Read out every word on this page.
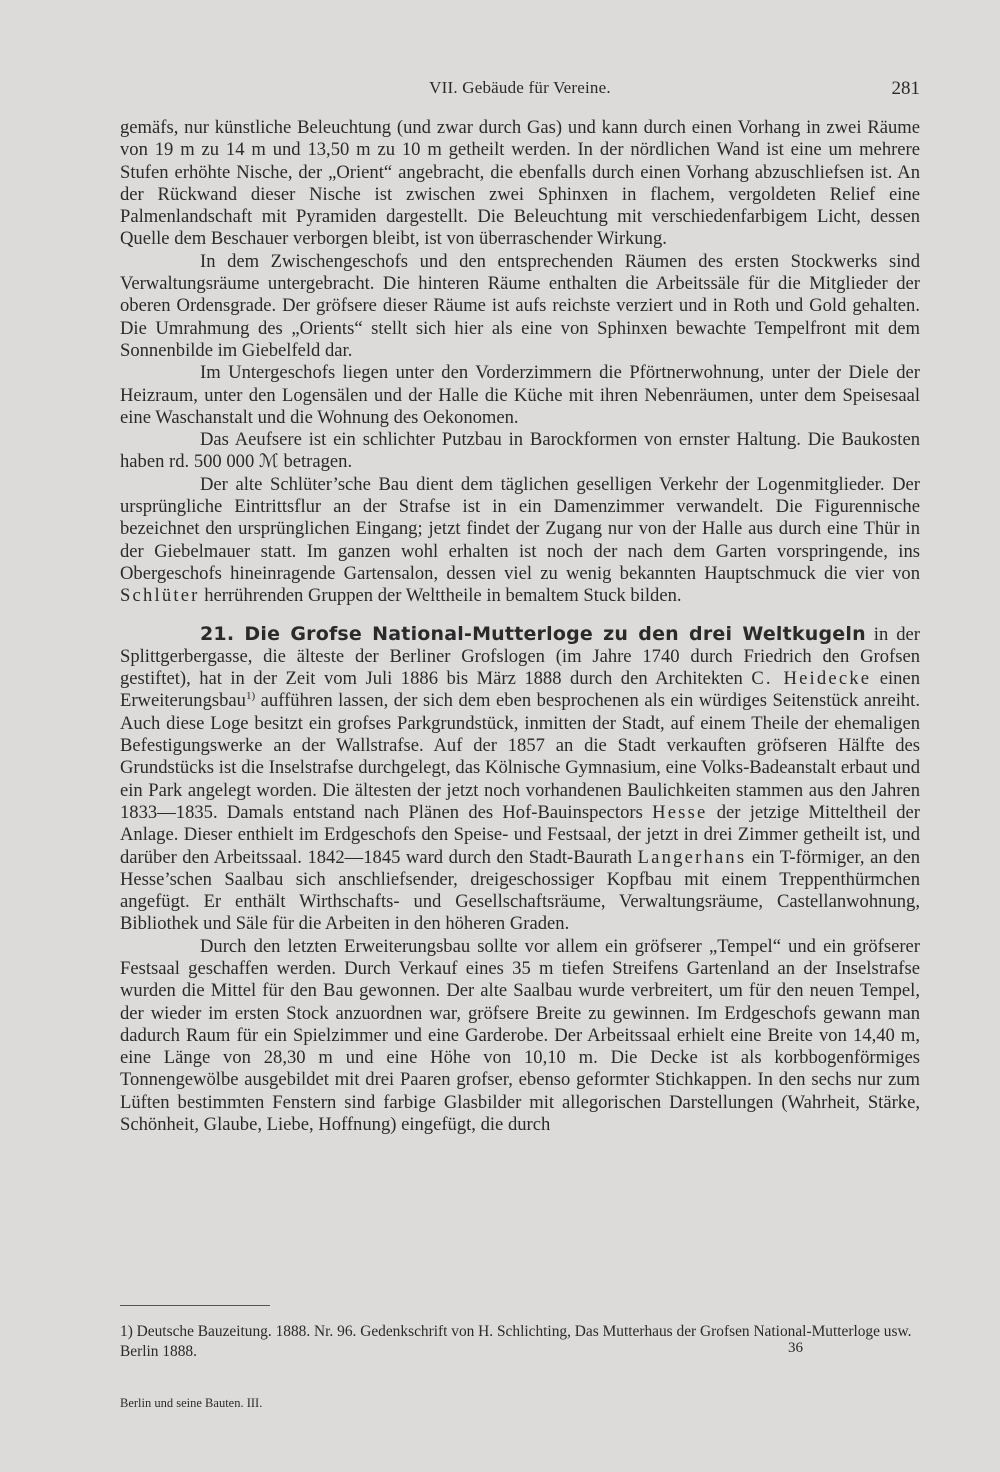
VII. Gebäude für Vereine.	281

gemäfs, nur künstliche Beleuchtung (und zwar durch Gas) und kann durch einen Vorhang in zwei Räume von 19 m zu 14 m und 13,50 m zu 10 m getheilt werden. In der nördlichen Wand ist eine um mehrere Stufen erhöhte Nische, der „Orient“ angebracht, die ebenfalls durch einen Vorhang abzuschliefsen ist. An der Rückwand dieser Nische ist zwischen zwei Sphinxen in flachem, vergoldeten Relief eine Palmenlandschaft mit Pyramiden dargestellt. Die Beleuchtung mit verschiedenfarbigem Licht, dessen Quelle dem Beschauer verborgen bleibt, ist von überraschender Wirkung.

In dem Zwischengeschofs und den entsprechenden Räumen des ersten Stockwerks sind Verwaltungsräume untergebracht. Die hinteren Räume enthalten die Arbeitssäle für die Mitglieder der oberen Ordensgrade. Der gröfsere dieser Räume ist aufs reichste verziert und in Roth und Gold gehalten. Die Umrahmung des „Orients“ stellt sich hier als eine von Sphinxen bewachte Tempelfront mit dem Sonnenbilde im Giebelfeld dar.

Im Untergeschofs liegen unter den Vorderzimmern die Pförtnerwohnung, unter der Diele der Heizraum, unter den Logensälen und der Halle die Küche mit ihren Nebenräumen, unter dem Speisesaal eine Waschanstalt und die Wohnung des Oekonomen.

Das Aeufsere ist ein schlichter Putzbau in Barockformen von ernster Haltung. Die Baukosten haben rd. 500 000 ℳ betragen.

Der alte Schlüter’sche Bau dient dem täglichen geselligen Verkehr der Logenmitglieder. Der ursprüngliche Eintrittsflur an der Strafse ist in ein Damenzimmer verwandelt. Die Figurennische bezeichnet den ursprünglichen Eingang; jetzt findet der Zugang nur von der Halle aus durch eine Thür in der Giebelmauer statt. Im ganzen wohl erhalten ist noch der nach dem Garten vorspringende, ins Obergeschofs hineinragende Gartensalon, dessen viel zu wenig bekannten Hauptschmuck die vier von Schlüter herrührenden Gruppen der Welttheile in bemaltem Stuck bilden.

21. Die Grofse National-Mutterloge zu den drei Weltkugeln in der Splittgerbergasse, die älteste der Berliner Grofslogen (im Jahre 1740 durch Friedrich den Grofsen gestiftet), hat in der Zeit vom Juli 1886 bis März 1888 durch den Architekten C. Heidecke einen Erweiterungsbau$^{1)}$ aufführen lassen, der sich dem eben besprochenen als ein würdiges Seitenstück anreiht. Auch diese Loge besitzt ein grofses Parkgrundstück, inmitten der Stadt, auf einem Theile der ehemaligen Befestigungswerke an der Wallstrafse. Auf der 1857 an die Stadt verkauften gröfseren Hälfte des Grundstücks ist die Inselstrafse durchgelegt, das Kölnische Gymnasium, eine Volks-Badeanstalt erbaut und ein Park angelegt worden. Die ältesten der jetzt noch vorhandenen Baulichkeiten stammen aus den Jahren 1833—1835. Damals entstand nach Plänen des Hof-Bauinspectors Hesse der jetzige Mitteltheil der Anlage. Dieser enthielt im Erdgeschofs den Speise- und Festsaal, der jetzt in drei Zimmer getheilt ist, und darüber den Arbeitssaal. 1842—1845 ward durch den Stadt-Baurath Langerhans ein T-förmiger, an den Hesse’schen Saalbau sich anschliefsender, dreigeschossiger Kopfbau mit einem Treppenthürmchen angefügt. Er enthält Wirthschafts- und Gesellschaftsräume, Verwaltungsräume, Castellanwohnung, Bibliothek und Säle für die Arbeiten in den höheren Graden.

Durch den letzten Erweiterungsbau sollte vor allem ein gröfserer „Tempel“ und ein gröfserer Festsaal geschaffen werden. Durch Verkauf eines 35 m tiefen Streifens Gartenland an der Inselstrafse wurden die Mittel für den Bau gewonnen. Der alte Saalbau wurde verbreitert, um für den neuen Tempel, der wieder im ersten Stock anzuordnen war, gröfsere Breite zu gewinnen. Im Erdgeschofs gewann man dadurch Raum für ein Spielzimmer und eine Garderobe. Der Arbeitssaal erhielt eine Breite von 14,40 m, eine Länge von 28,30 m und eine Höhe von 10,10 m. Die Decke ist als korbbogenförmiges Tonnengewölbe ausgebildet mit drei Paaren grofser, ebenso geformter Stichkappen. In den sechs nur zum Lüften bestimmten Fenstern sind farbige Glasbilder mit allegorischen Darstellungen (Wahrheit, Stärke, Schönheit, Glaube, Liebe, Hoffnung) eingefügt, die durch

1) Deutsche Bauzeitung. 1888. Nr. 96. Gedenkschrift von H. Schlichting, Das Mutterhaus der Grofsen National-Mutterloge usw. Berlin 1888.	36
Berlin und seine Bauten. III.
